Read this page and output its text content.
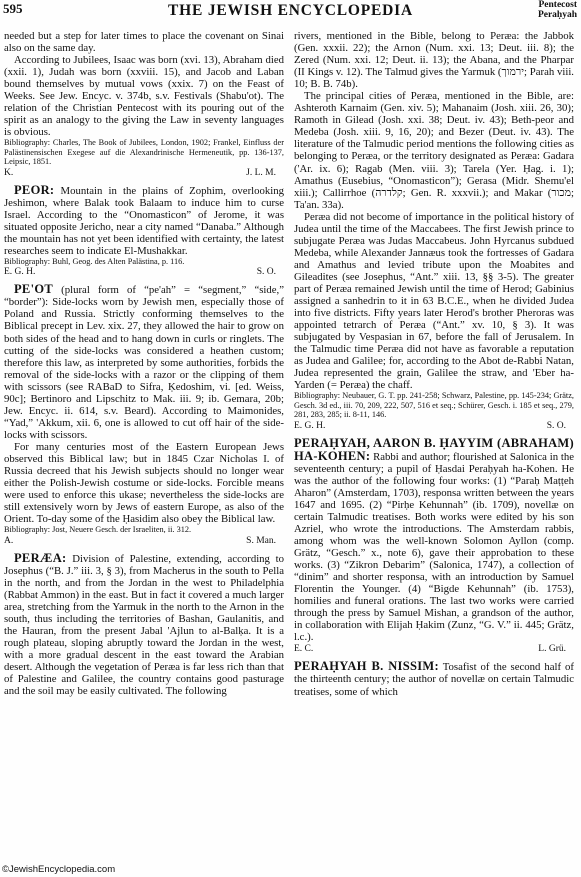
595	THE JEWISH ENCYCLOPEDIA	Pentecost
Peraḥyah

needed but a step for later times to place the covenant on Sinai also on the same day.

According to Jubilees, Isaac was born (xvi. 13), Abraham died (xxii. 1), Judah was born (xxviii. 15), and Jacob and Laban bound themselves by mutual vows (xxix. 7) on the Feast of Weeks. See Jew. Encyc. v. 374b, s.v. Festivals (Shabu'ot). The relation of the Christian Pentecost with its pouring out of the spirit as an analogy to the giving the Law in seventy languages is obvious.

Bibliography: Charles, The Book of Jubilees, London, 1902; Frankel, Einfluss der Palästinensischen Exegese auf die Alexandrinische Hermeneutik, pp. 136-137, Leipsic, 1851.

K.	J. L. M.

PEOR: Mountain in the plains of Zophim, overlooking Jeshimon, where Balak took Balaam to induce him to curse Israel. According to the “Onomasticon” of Jerome, it was situated opposite Jericho, near a city named “Danaba.” Although the mountain has not yet been identified with certainty, the latest researches seem to indicate El-Mushakkar.

Bibliography: Buhl, Geog. des Alten Palästina, p. 116.

E. G. H.	S. O.

PE'OT (plural form of “pe'ah” = “segment,” “side,” “border”): Side-locks worn by Jewish men, especially those of Poland and Russia. Strictly conforming themselves to the Biblical precept in Lev. xix. 27, they allowed the hair to grow on both sides of the head and to hang down in curls or ringlets. The cutting of the side-locks was considered a heathen custom; therefore this law, as interpreted by some authorities, forbids the removal of the side-locks with a razor or the clipping of them with scissors (see RABaD to Sifra, Ḳedoshim, vi. [ed. Weiss, 90c]; Bertinoro and Lipschitz to Mak. iii. 9; ib. Gemara, 20b; Jew. Encyc. ii. 614, s.v. Beard). According to Maimonides, “Yad,” 'Akkum, xii. 6, one is allowed to cut off hair of the side-locks with scissors.

For many centuries most of the Eastern European Jews observed this Biblical law; but in 1845 Czar Nicholas I. of Russia decreed that his Jewish subjects should no longer wear either the Polish-Jewish costume or side-locks. Forcible means were used to enforce this ukase; nevertheless the side-locks are still extensively worn by Jews of eastern Europe, as also of the Orient. To-day some of the Ḥasidim also obey the Biblical law.

Bibliography: Jost, Neuere Gesch. der Israeliten, ii. 312.

A.	S. Man.

PERÆA: Division of Palestine, extending, according to Josephus (“B. J.” iii. 3, § 3), from Macherus in the south to Pella in the north, and from the Jordan in the west to Philadelphia (Rabbat Ammon) in the east. But in fact it covered a much larger area, stretching from the Yarmuk in the north to the Arnon in the south, thus including the territories of Bashan, Gaulanitis, and the Hauran, from the present Jabal 'Ajlun to al-Balḳa. It is a rough plateau, sloping abruptly toward the Jordan in the west, with a more gradual descent in the east toward the Arabian desert. Although the vegetation of Peræa is far less rich than that of Palestine and Galilee, the country contains good pasturage and the soil may be easily cultivated. The following

rivers, mentioned in the Bible, belong to Peræa: the Jabbok (Gen. xxxii. 22); the Arnon (Num. xxi. 13; Deut. iii. 8); the Zered (Num. xxi. 12; Deut. ii. 13); the Abana, and the Pharpar (II Kings v. 12). The Talmud gives the Yarmuk (ירמוך; Parah viii. 10; B. B. 74b).

The principal cities of Peræa, mentioned in the Bible, are: Ashteroth Karnaim (Gen. xiv. 5); Mahanaim (Josh. xiii. 26, 30); Ramoth in Gilead (Josh. xxi. 38; Deut. iv. 43); Beth-peor and Medeba (Josh. xiii. 9, 16, 20); and Bezer (Deut. iv. 43). The literature of the Talmudic period mentions the following cities as belonging to Peræa, or the territory designated as Peræa: Gadara ('Ar. ix. 6); Ragab (Men. viii. 3); Tarela (Yer. Ḥag. i. 1); Amathus (Eusebius, “Onomasticon”); Gerasa (Midr. Shemu'el xiii.); Callirrhoe (קלדרה; Gen. R. xxxvii.); and Makar (מכור; Ta'an. 33a).

Peræa did not become of importance in the political history of Judea until the time of the Maccabees. The first Jewish prince to subjugate Peræa was Judas Maccabeus. John Hyrcanus subdued Medeba, while Alexander Jannæus took the fortresses of Gadara and Amathus and levied tribute upon the Moabites and Gileadites (see Josephus, “Ant.” xiii. 13, §§ 3-5). The greater part of Peræa remained Jewish until the time of Herod; Gabinius assigned a sanhedrin to it in 63 B.C.E., when he divided Judea into five districts. Fifty years later Herod's brother Pheroras was appointed tetrarch of Peræa (“Ant.” xv. 10, § 3). It was subjugated by Vespasian in 67, before the fall of Jerusalem. In the Talmudic time Peræa did not have as favorable a reputation as Judea and Galilee; for, according to the Abot de-Rabbi Natan, Judea represented the grain, Galilee the straw, and 'Eber ha-Yarden (= Peræa) the chaff.

Bibliography: Neubauer, G. T. pp. 241-258; Schwarz, Palestine, pp. 145-234; Grätz, Gesch. 3d ed., iii. 70, 209, 222, 507, 516 et seq.; Schürer, Gesch. i. 185 et seq., 279, 281, 283, 285; ii. 8-11, 146.

E. G. H.	S. O.

PERAḤYAH, AARON B. ḤAYYIM (ABRAHAM) HA-KOHEN: Rabbi and author; flourished at Salonica in the seventeenth century; a pupil of Ḥasdai Peraḥyah ha-Kohen. He was the author of the following four works: (1) “Paraḥ Maṭṭeh Aharon” (Amsterdam, 1703), responsa written between the years 1647 and 1695. (2) “Pirḥe Kehunnah” (ib. 1709), novellæ on certain Talmudic treatises. Both works were edited by his son Azriel, who wrote the introductions. The Amsterdam rabbis, among whom was the well-known Solomon Ayllon (comp. Grätz, “Gesch.” x., note 6), gave their approbation to these works. (3) “Zikron Debarim” (Salonica, 1747), a collection of “dinim” and shorter responsa, with an introduction by Samuel Florentin the Younger. (4) “Bigde Kehunnah” (ib. 1753), homilies and funeral orations. The last two works were carried through the press by Samuel Mishan, a grandson of the author, in collaboration with Elijah Ḥakim (Zunz, “G. V.” ii. 445; Grätz, l.c.).

E. C.	L. Grü.

PERAḤYAH B. NISSIM: Tosafist of the second half of the thirteenth century; the author of novellæ on certain Talmudic treatises, some of which

©JewishEncyclopedia.com
